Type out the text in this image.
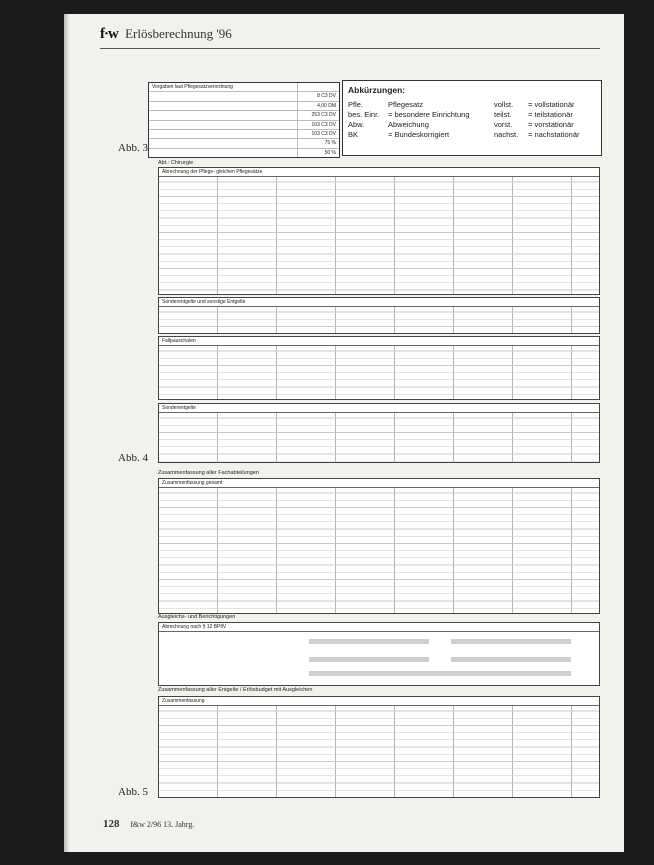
f·w Erlösberechnung '96
Vorgaben laut Pflegesatzverordnung
8 C3 DV
4,00 DM
253 C3 DV
103 C3 DV
103 C3 DV
75 %
50 %
Abkürzungen:
Pfle.	Pflegesatz	vollst.	= vollstationär
bes. Einr. = besondere Einrichtung	teilst.	= teilstationär
Abw.	Abweichung	vorst.	= vorstationär
BK	= Bundeskorrigiert	nachst.	= nachstationär
Abb. 3
Abb. 4
Abb. 5
Abt.: Chirurgie
Abrechnung der Pflege- gleichen Pflegesätze
Sonderentgelte und sonstige Entgelte
Fallpauschalen
Sonderentgelte
Zusammenfassung aller Fachabteilungen
Zusammenfassung gesamt
Ausgleichs- und Berichtigungen
Abrechnung nach § 12 BPflV
Zusammenfassung aller Entgelte / Erlösbudget mit Ausgleichen
Zusammenfassung
128 f&w 2/96 13. Jahrg.
